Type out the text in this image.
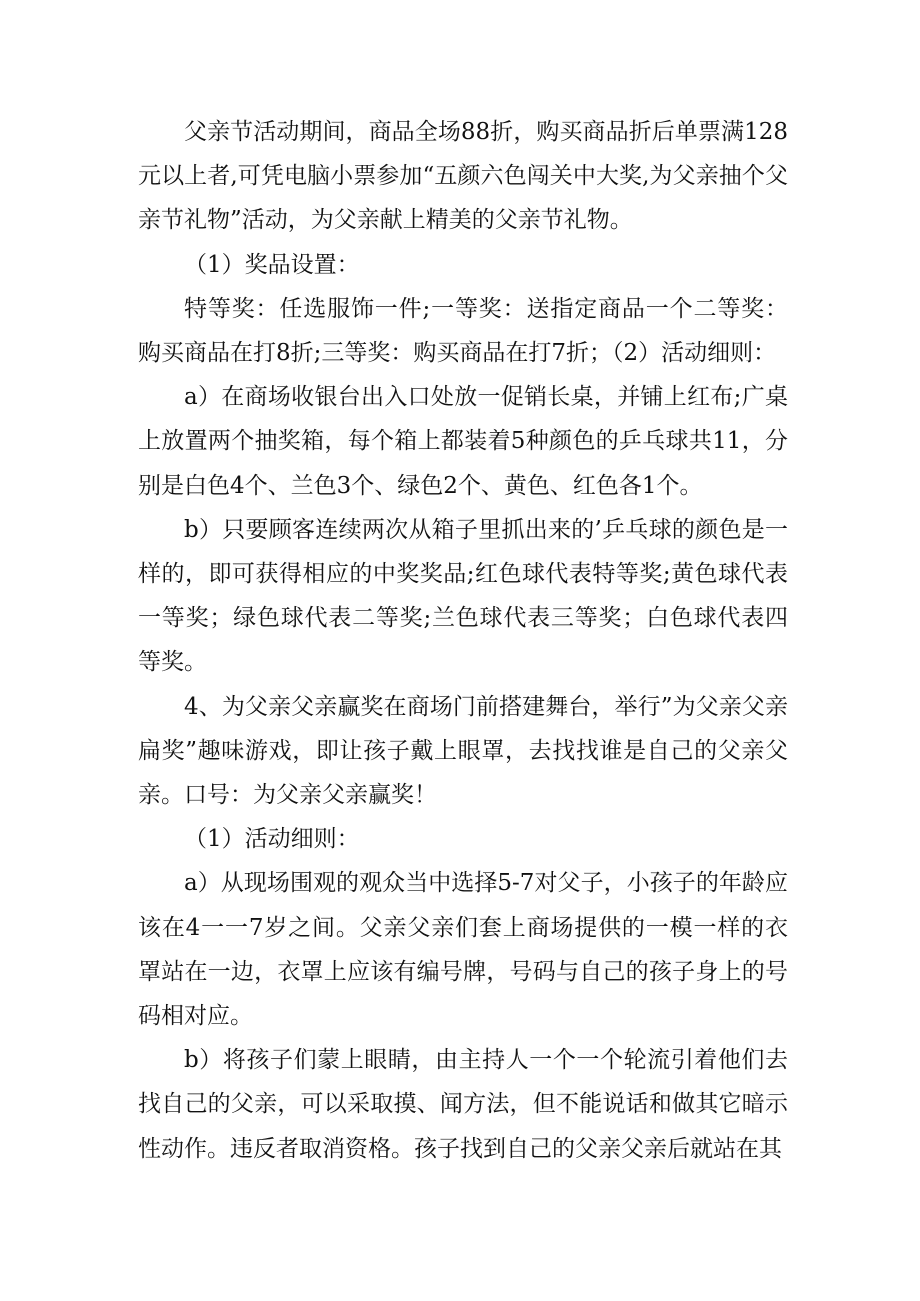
父亲节活动期间，商品全场88折，购买商品折后单票满128元以上者,可凭电脑小票参加“五颜六色闯关中大奖,为父亲抽个父亲节礼物”活动，为父亲献上精美的父亲节礼物。

（1）奖品设置：

特等奖：任选服饰一件;一等奖：送指定商品一个二等奖：购买商品在打8折;三等奖：购买商品在打7折；（2）活动细则：

a）在商场收银台出入口处放一促销长桌，并铺上红布;广桌上放置两个抽奖箱，每个箱上都装着5种颜色的乒乓球共11，分别是白色4个、兰色3个、绿色2个、黄色、红色各1个。

b）只要顾客连续两次从箱子里抓出来的’乒乓球的颜色是一样的，即可获得相应的中奖奖品;红色球代表特等奖;黄色球代表一等奖；绿色球代表二等奖;兰色球代表三等奖；白色球代表四等奖。

4、为父亲父亲赢奖在商场门前搭建舞台，举行”为父亲父亲扁奖”趣味游戏，即让孩子戴上眼罩，去找找谁是自己的父亲父亲。口号：为父亲父亲赢奖！

（1）活动细则：

a）从现场围观的观众当中选择5-7对父子，小孩子的年龄应该在4一一7岁之间。父亲父亲们套上商场提供的一模一样的衣罩站在一边，衣罩上应该有编号牌，号码与自己的孩子身上的号码相对应。

b）将孩子们蒙上眼睛，由主持人一个一个轮流引着他们去找自己的父亲，可以采取摸、闻方法，但不能说话和做其它暗示性动作。违反者取消资格。孩子找到自己的父亲父亲后就站在其
